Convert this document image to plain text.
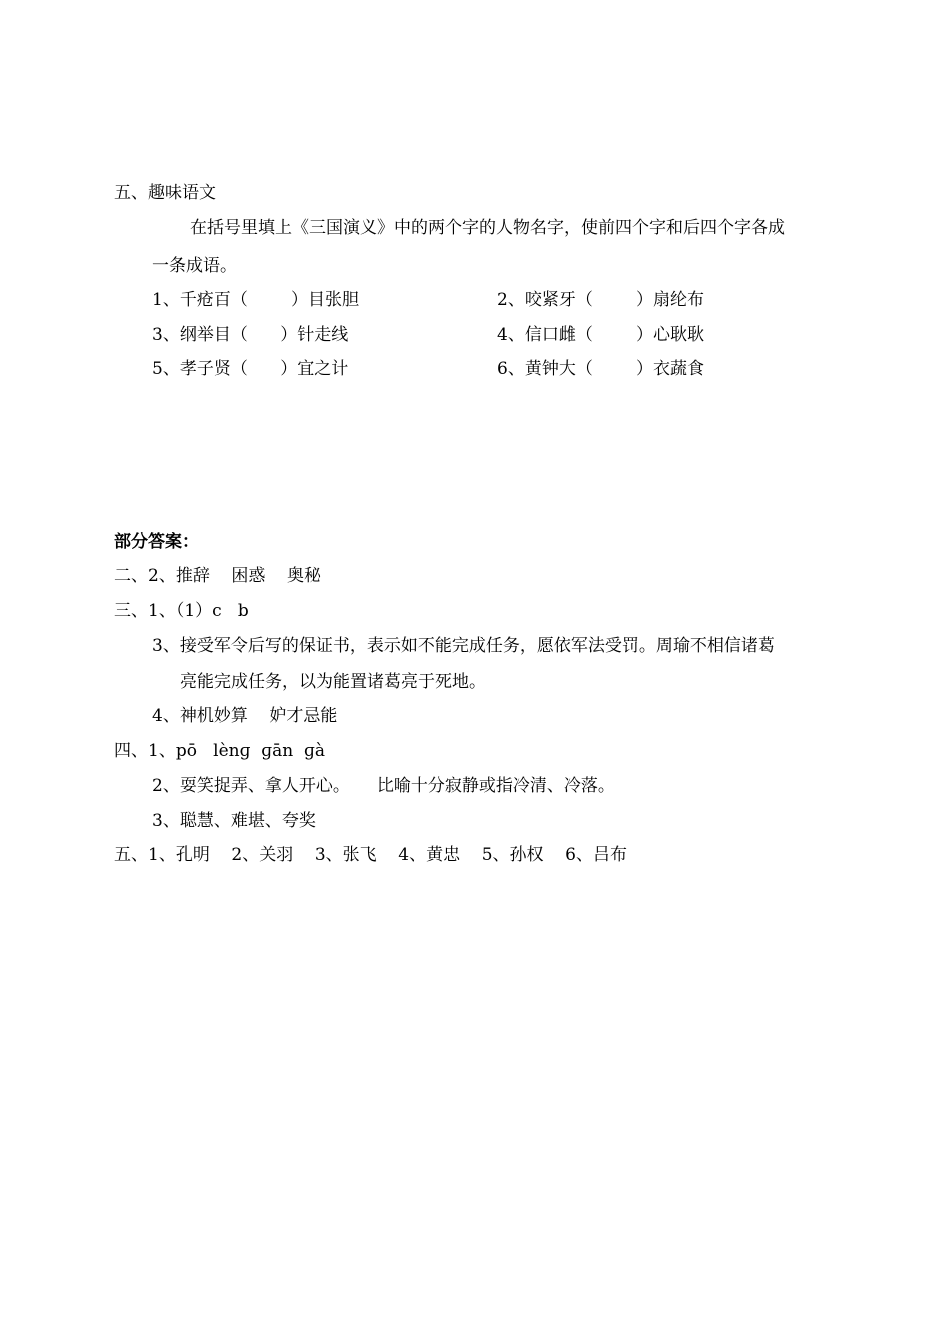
五、趣味语文
在括号里填上《三国演义》中的两个字的人物名字，使前四个字和后四个字各成
一条成语。
1、千疮百（        ）目张胆	2、咬紧牙（        ）扇纶布
3、纲举目（      ）针走线	4、信口雌（        ）心耿耿
5、孝子贤（      ）宜之计	6、黄钟大（        ）衣蔬食
部分答案：
二、2、推辞    困惑    奥秘
三、1、（1）c   b
3、接受军令后写的保证书，表示如不能完成任务，愿依军法受罚。周瑜不相信诸葛
亮能完成任务，以为能置诸葛亮于死地。
4、神机妙算    妒才忌能
四、1、pō   lènɡ  ɡān  ɡà
2、耍笑捉弄、拿人开心。     比喻十分寂静或指冷清、冷落。
3、聪慧、难堪、夸奖
五、1、孔明    2、关羽    3、张飞    4、黄忠    5、孙权    6、吕布
